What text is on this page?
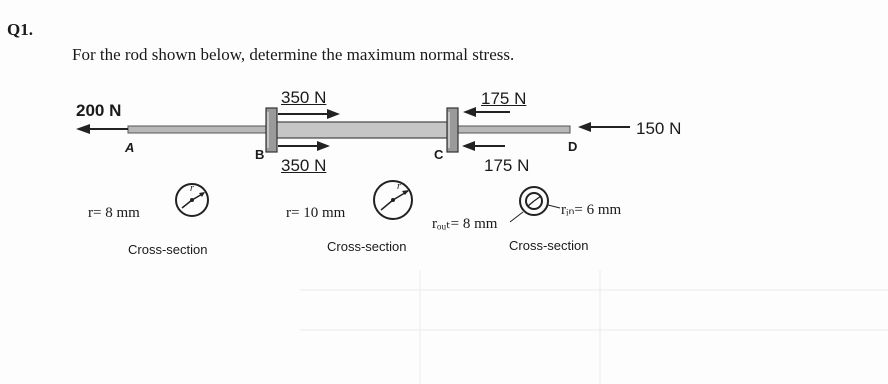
Q1.
For the rod shown below, determine the maximum normal stress.
200 N
350 N
350 N
175 N
175 N
150 N
A	B	C
D
r	r
r= 8 mm	r= 10 mm
rₒᵤₜ= 8 mm
rᵢₙ= 6 mm
Cross-section	Cross-section	Cross-section
